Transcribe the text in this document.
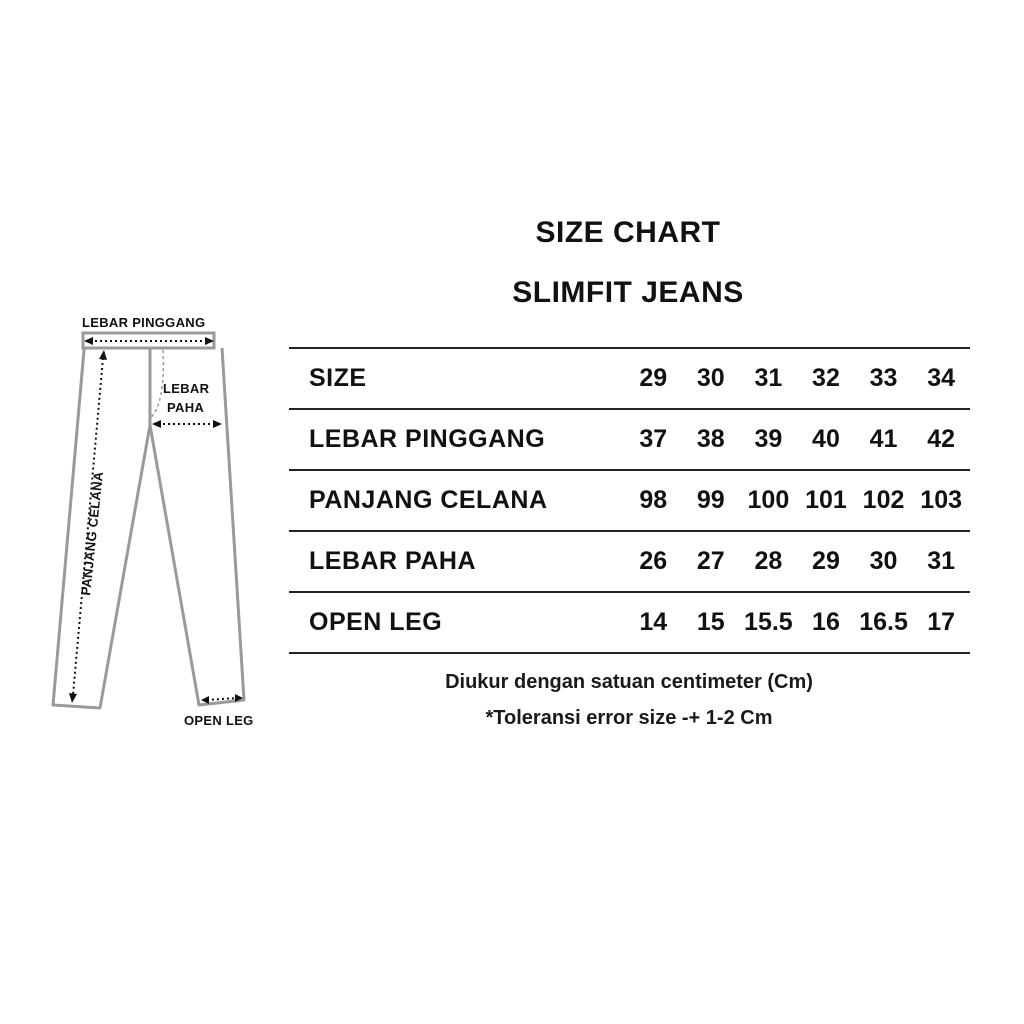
LEBAR PINGGANG

LEBAR

PAHA

PANJANG CELANA

OPEN LEG

SIZE CHART
SLIMFIT JEANS
SIZE	29	30	31	32	33	34
LEBAR PINGGANG	37	38	39	40	41	42
PANJANG CELANA	98	99	100	101	102	103
LEBAR PAHA	26	27	28	29	30	31
OPEN LEG	14	15	15.5	16	16.5	17

Diukur dengan satuan centimeter (Cm)

*Toleransi error size -+ 1-2 Cm
